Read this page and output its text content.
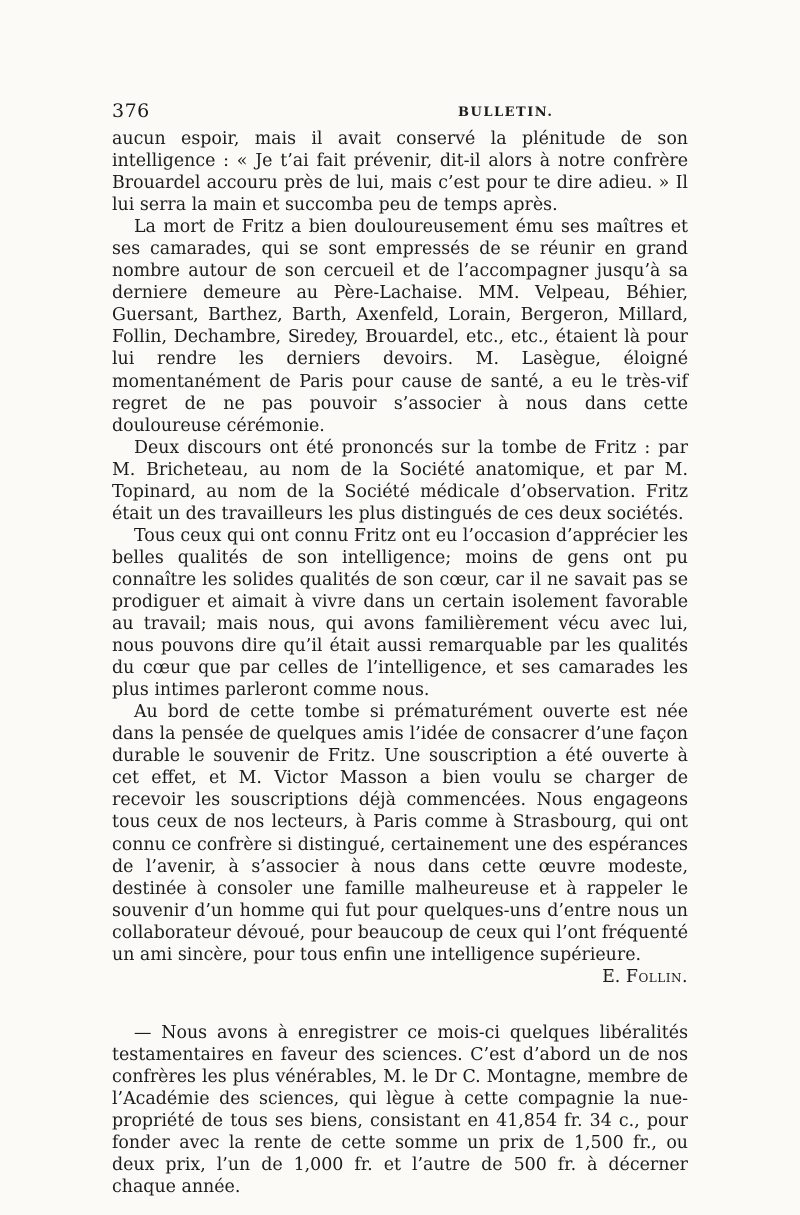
376	BULLETIN.

aucun espoir, mais il avait conservé la plénitude de son intelligence : « Je t’ai fait prévenir, dit-il alors à notre confrère Brouardel accouru près de lui, mais c’est pour te dire adieu. » Il lui serra la main et succomba peu de temps après.

La mort de Fritz a bien douloureusement ému ses maîtres et ses camarades, qui se sont empressés de se réunir en grand nombre autour de son cercueil et de l’accompagner jusqu’à sa derniere demeure au Père-Lachaise. MM. Velpeau, Béhier, Guersant, Barthez, Barth, Axenfeld, Lorain, Bergeron, Millard, Follin, Dechambre, Siredey, Brouardel, etc., etc., étaient là pour lui rendre les derniers devoirs. M. Lasègue, éloigné momentanément de Paris pour cause de santé, a eu le très-vif regret de ne pas pouvoir s’associer à nous dans cette douloureuse cérémonie.

Deux discours ont été prononcés sur la tombe de Fritz : par M. Bricheteau, au nom de la Société anatomique, et par M. Topinard, au nom de la Société médicale d’observation. Fritz était un des travailleurs les plus distingués de ces deux sociétés.

Tous ceux qui ont connu Fritz ont eu l’occasion d’apprécier les belles qualités de son intelligence; moins de gens ont pu connaître les solides qualités de son cœur, car il ne savait pas se prodiguer et aimait à vivre dans un certain isolement favorable au travail; mais nous, qui avons familièrement vécu avec lui, nous pouvons dire qu’il était aussi remarquable par les qualités du cœur que par celles de l’intelligence, et ses camarades les plus intimes parleront comme nous.

Au bord de cette tombe si prématurément ouverte est née dans la pensée de quelques amis l’idée de consacrer d’une façon durable le souvenir de Fritz. Une souscription a été ouverte à cet effet, et M. Victor Masson a bien voulu se charger de recevoir les souscriptions déjà commencées. Nous engageons tous ceux de nos lecteurs, à Paris comme à Strasbourg, qui ont connu ce confrère si distingué, certainement une des espérances de l’avenir, à s’associer à nous dans cette œuvre modeste, destinée à consoler une famille malheureuse et à rappeler le souvenir d’un homme qui fut pour quelques-uns d’entre nous un collaborateur dévoué, pour beaucoup de ceux qui l’ont fréquenté un ami sincère, pour tous enfin une intelligence supérieure.

E. Follin.

— Nous avons à enregistrer ce mois-ci quelques libéralités testamentaires en faveur des sciences. C’est d’abord un de nos confrères les plus vénérables, M. le Dr C. Montagne, membre de l’Académie des sciences, qui lègue à cette compagnie la nue-propriété de tous ses biens, consistant en 41,854 fr. 34 c., pour fonder avec la rente de cette somme un prix de 1,500 fr., ou deux prix, l’un de 1,000 fr. et l’autre de 500 fr. à décerner chaque année.
